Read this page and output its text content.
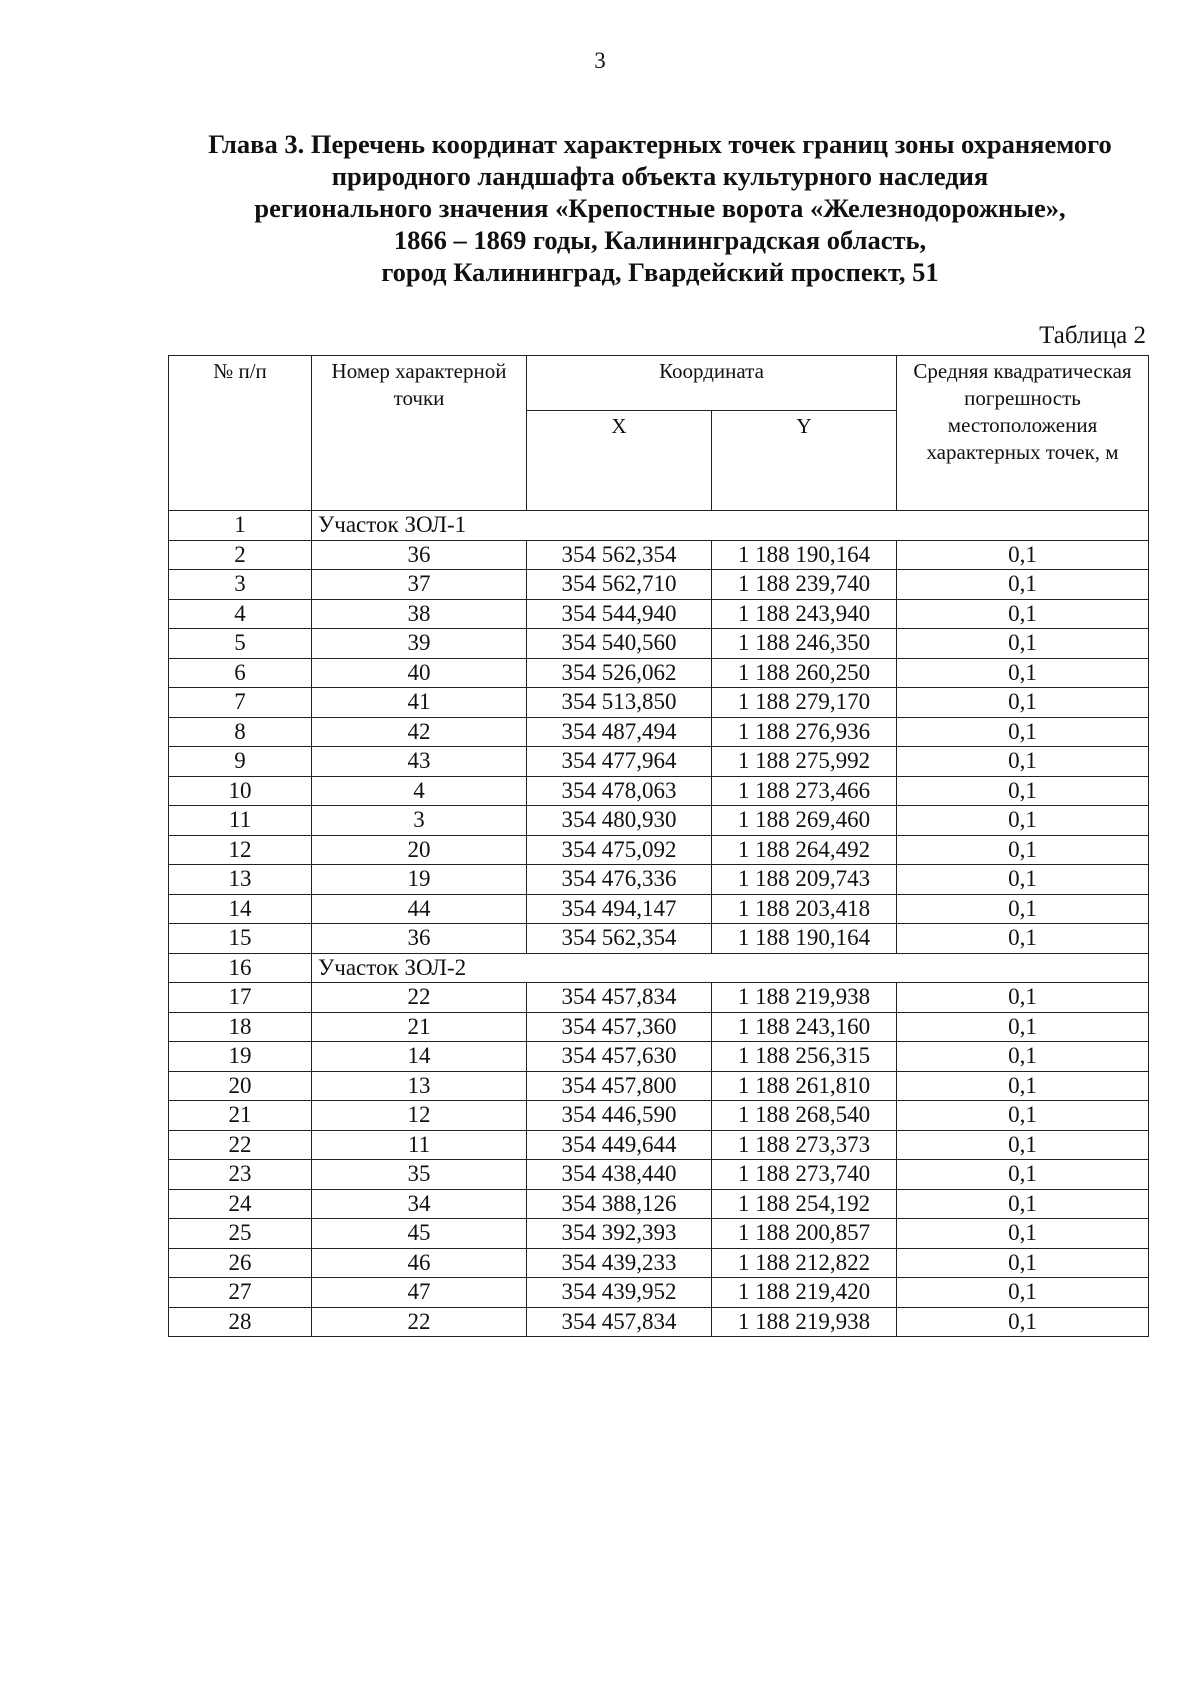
3
Глава 3. Перечень координат характерных точек границ зоны охраняемого
природного ландшафта объекта культурного наследия
регионального значения «Крепостные ворота «Железнодорожные»,
1866 – 1869 годы, Калининградская область,
город Калининград, Гвардейский проспект, 51
Таблица 2
№ п/п	Номер характерной точки	Координата		Средняя квадратическая погрешность местоположения характерных точек, м
		X	Y	
1	Участок ЗОЛ-1			
2	36	354 562,354	1 188 190,164	0,1
3	37	354 562,710	1 188 239,740	0,1
4	38	354 544,940	1 188 243,940	0,1
5	39	354 540,560	1 188 246,350	0,1
6	40	354 526,062	1 188 260,250	0,1
7	41	354 513,850	1 188 279,170	0,1
8	42	354 487,494	1 188 276,936	0,1
9	43	354 477,964	1 188 275,992	0,1
10	4	354 478,063	1 188 273,466	0,1
11	3	354 480,930	1 188 269,460	0,1
12	20	354 475,092	1 188 264,492	0,1
13	19	354 476,336	1 188 209,743	0,1
14	44	354 494,147	1 188 203,418	0,1
15	36	354 562,354	1 188 190,164	0,1
16	Участок ЗОЛ-2			
17	22	354 457,834	1 188 219,938	0,1
18	21	354 457,360	1 188 243,160	0,1
19	14	354 457,630	1 188 256,315	0,1
20	13	354 457,800	1 188 261,810	0,1
21	12	354 446,590	1 188 268,540	0,1
22	11	354 449,644	1 188 273,373	0,1
23	35	354 438,440	1 188 273,740	0,1
24	34	354 388,126	1 188 254,192	0,1
25	45	354 392,393	1 188 200,857	0,1
26	46	354 439,233	1 188 212,822	0,1
27	47	354 439,952	1 188 219,420	0,1
28	22	354 457,834	1 188 219,938	0,1
